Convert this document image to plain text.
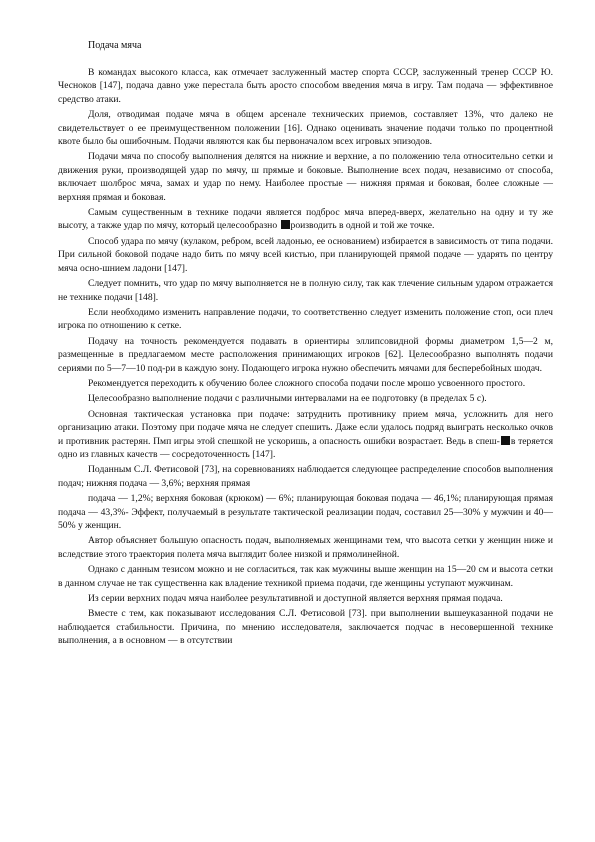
Подача мяча

В командах высокого класса, как отмечает заслуженный мастер спорта СССР, заслуженный тренер СССР Ю. Чесноков [147], подача давно уже перестала быть аросто способом введения мяча в игру. Там подача — эффективное средство атаки.

Доля, отводимая подаче мяча в общем арсенале технических приемов, составляет 13%, что далеко не свидетельствует о ее преимущественном положении [16]. Однако оценивать значение подачи только по процентной квоте было бы ошибочным. Подачи являются как бы первоначалом всех игровых эпизодов.

Подачи мяча по способу выполнения делятся на нижние и верхние, а по положению тела относительно сетки и движения руки, производящей удар по мячу, ш прямые и боковые. Выполнение всех подач, независимо от способа, включает шолброс мяча, замах и удар по нему. Наиболее простые — нижняя прямая и боковая, более сложные — верхняя прямая и боковая.

Самым существенным в технике подачи является подброс мяча вперед-вверх, желательно на одну и ту же высоту, а также удар по мячу, который целесообразно роизводить в одной и той же точке.

Способ удара по мячу (кулаком, ребром, всей ладонью, ее основанием) избирается в зависимость от типа подачи. При сильной боковой подаче надо бить по мячу всей кистью, при планирующей прямой подаче — ударять по центру мяча осно-шнием ладони [147].

Следует помнить, что удар по мячу выполняется не в полную силу, так как тлечение сильным ударом отражается не технике подачи [148].

Если необходимо изменить направление подачи, то соответственно следует изменить положение стоп, оси плеч игрока по отношению к сетке.

Подачу на точность рекомендуется подавать в ориентиры эллипсовидной формы диаметром 1,5—2 м, размещенные в предлагаемом месте расположения принимающих игроков [62]. Целесообразно выполнять подачи сериями по 5—7—10 под-ри в каждую зону. Подающего игрока нужно обеспечить мячами для бесперебойных шодач.

Рекомендуется переходить к обучению более сложного способа подачи после мрошо усвоенного простого.

Целесообразно выполнение подачи с различными интервалами на ее подготовку (в пределах 5 с).

Основная тактическая установка при подаче: затруднить противнику прием мяча, усложнить для него организацию атаки. Поэтому при подаче мяча не следует спешить. Даже если удалось подряд выиграть несколько очков и противник растерян. Пмп игры этой спешкой не ускоришь, а опасность ошибки возрастает. Ведь в спеш- в теряется одно из главных качеств — сосредоточенность [147].

Поданным С.Л. Фетисовой [73], на соревнованиях наблюдается следующее распределение способов выполнения подач; нижняя подача — 3,6%; верхняя прямая

подача — 1,2%; верхняя боковая (крюком) — 6%; планирующая боковая подача — 46,1%; планирующая прямая подача — 43,3%- Эффект, получаемый в результате тактической реализации подач, составил 25—30% у мужчин и 40—50% у женщин.

Автор объясняет большую опасность подач, выполняемых женщинами тем, что высота сетки у женщин ниже и вследствие этого траектория полета мяча выглядит более низкой и прямолинейной.

Однако с данным тезисом можно и не согласиться, так как мужчины выше женщин на 15—20 см и высота сетки в данном случае не так существенна как владение техникой приема подачи, где женщины уступают мужчинам.

Из серии верхних подач мяча наиболее результативной и доступной является верхняя прямая подача.

Вместе с тем, как показывают исследования С.Л. Фетисовой [73]. при выполнении вышеуказанной подачи не наблюдается стабильности. Причина, по мнению исследователя, заключается подчас в несовершенной технике выполнения, а в основном — в отсутствии
